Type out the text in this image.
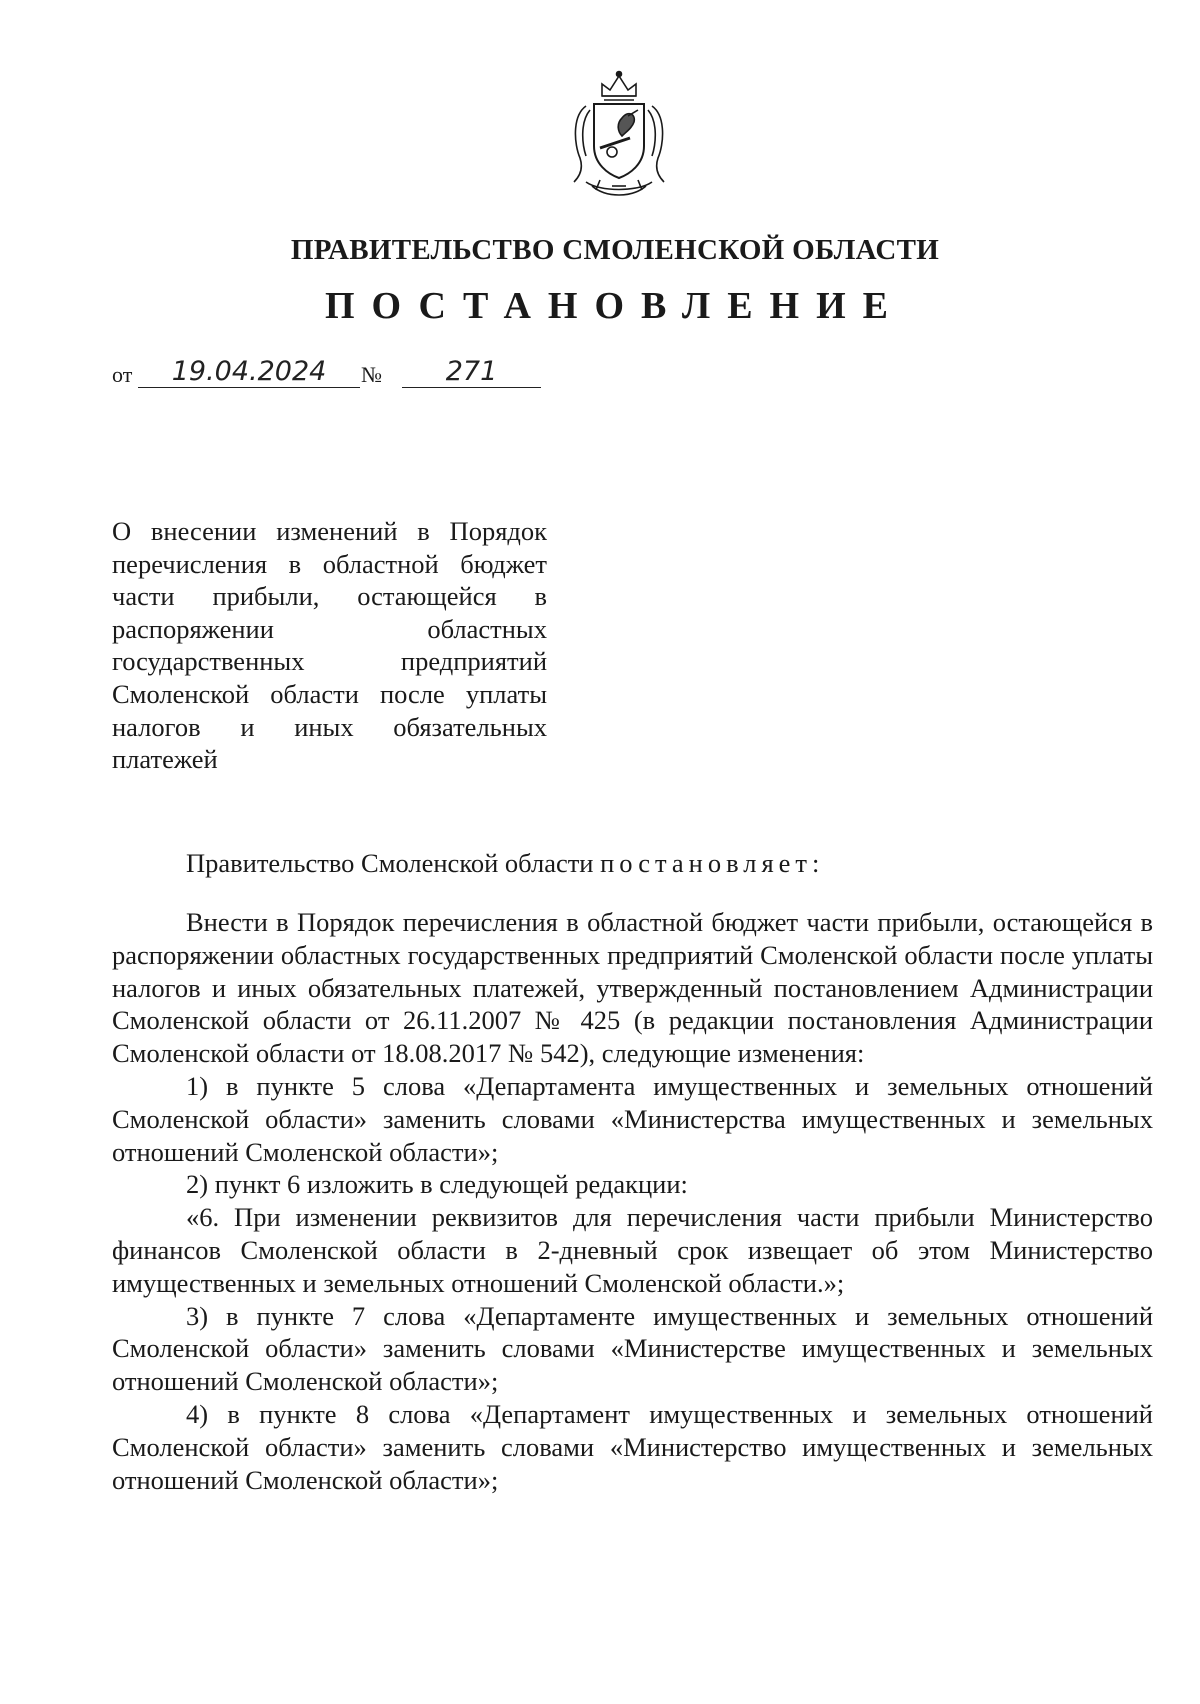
ПРАВИТЕЛЬСТВО СМОЛЕНСКОЙ ОБЛАСТИ
ПОСТАНОВЛЕНИЕ
от	19.04.2024	№	271
О внесении изменений в Порядок перечисления в областной бюджет части прибыли, остающейся в распоряжении областных государственных предприятий Смоленской области после уплаты налогов и иных обязательных платежей
Правительство Смоленской области постановляет:

Внести в Порядок перечисления в областной бюджет части прибыли, остающейся в распоряжении областных государственных предприятий Смоленской области после уплаты налогов и иных обязательных платежей, утвержденный постановлением Администрации Смоленской области от 26.11.2007 № 425 (в редакции постановления Администрации Смоленской области от 18.08.2017 № 542), следующие изменения:

1) в пункте 5 слова «Департамента имущественных и земельных отношений Смоленской области» заменить словами «Министерства имущественных и земельных отношений Смоленской области»;

2) пункт 6 изложить в следующей редакции:

«6. При изменении реквизитов для перечисления части прибыли Министерство финансов Смоленской области в 2-дневный срок извещает об этом Министерство имущественных и земельных отношений Смоленской области.»;

3) в пункте 7 слова «Департаменте имущественных и земельных отношений Смоленской области» заменить словами «Министерстве имущественных и земельных отношений Смоленской области»;

4) в пункте 8 слова «Департамент имущественных и земельных отношений Смоленской области» заменить словами «Министерство имущественных и земельных отношений Смоленской области»;
